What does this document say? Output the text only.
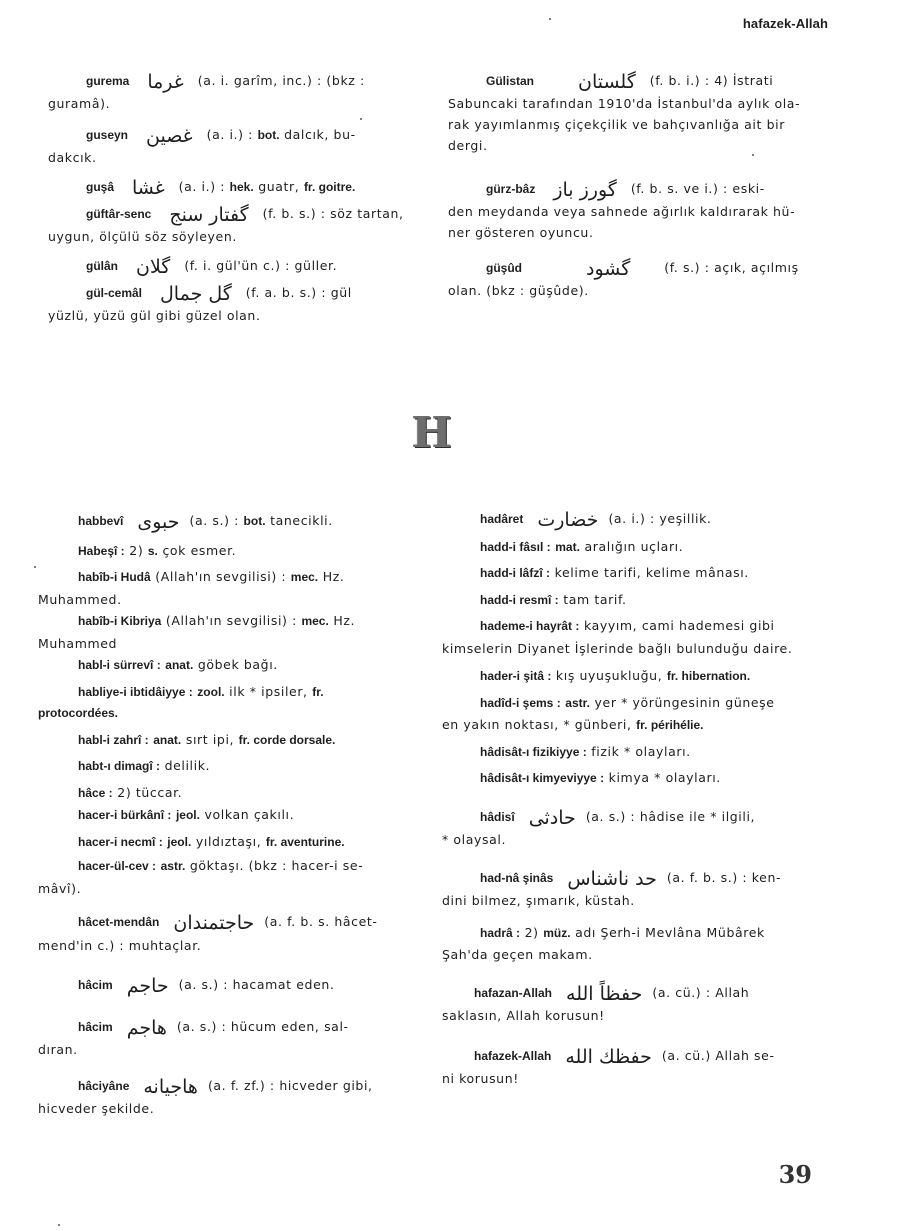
hafazek-Allah
gurema غرما (a. i. garîm, inc.) : (bkz :
guramâ).
guseyn غصين (a. i.) : bot. dalcık, bu-
dakcık.
guşâ غشا (a. i.) : hek. guatr, fr. goitre.
güftâr-senc گفتار سنج (f. b. s.) : söz tartan,
uygun, ölçülü söz söyleyen.
gülân گلان (f. i. gül'ün c.) : güller.
gül-cemâl گل جمال (f. a. b. s.) : gül
yüzlü, yüzü gül gibi güzel olan.
Gülistan گلستان (f. b. i.) : 4) İstrati
Sabuncaki tarafından 1910'da İstanbul'da aylık ola-
rak yayımlanmış çiçekçilik ve bahçıvanlığa ait bir
dergi.
gürz-bâz گورز باز (f. b. s. ve i.) : eski-
den meydanda veya sahnede ağırlık kaldırarak hü-
ner gösteren oyuncu.
güşûd	گشود	(f. s.) : açık, açılmış
olan. (bkz : güşûde).
H
habbevî حبوى (a. s.) : bot. tanecikli.
Habeşî : 2) s. çok esmer.
habîb-i Hudâ (Allah'ın sevgilisi) : mec. Hz.
Muhammed.
habîb-i Kibriya (Allah'ın sevgilisi) : mec. Hz.
Muhammed
habl-i sürrevî : anat. göbek bağı.
habliye-i ibtidâiyye : zool. ilk * ipsiler, fr.
protocordées.
habl-i zahrî : anat. sırt ipi, fr. corde dorsale.
habt-ı dimagî : delilik.
hâce : 2) tüccar.
hacer-i bürkânî : jeol. volkan çakılı.
hacer-i necmî : jeol. yıldıztaşı, fr. aventurine.
hacer-ül-cev : astr. göktaşı. (bkz : hacer-i se-
mâvî).
hâcet-mendân حاجتمندان (a. f. b. s. hâcet-
mend'in c.) : muhtaçlar.
hâcim حاجم (a. s.) : hacamat eden.
hâcim هاجم (a. s.) : hücum eden, sal-
dıran.
hâciyâne هاجيانه (a. f. zf.) : hicveder gibi,
hicveder şekilde.
hadâret خضارت (a. i.) : yeşillik.
hadd-i fâsıl : mat. aralığın uçları.
hadd-i lâfzî : kelime tarifi, kelime mânası.
hadd-i resmî : tam tarif.
hademe-i hayrât : kayyım, cami hademesi gibi
kimselerin Diyanet İşlerinde bağlı bulunduğu daire.
hader-i şitâ : kış uyuşukluğu, fr. hibernation.
hadîd-i şems : astr. yer * yörüngesinin güneşe
en yakın noktası, * günberi, fr. périhélie.
hâdisât-ı fizikiyye : fizik * olayları.
hâdisât-ı kimyeviyye : kimya * olayları.
hâdisî حادثى (a. s.) : hâdise ile * ilgili,
* olaysal.
had-nâ şinâs حد ناشناس (a. f. b. s.) : ken-
dini bilmez, şımarık, küstah.
hadrâ : 2) müz. adı Şerh-i Mevlâna Mübârek
Şah'da geçen makam.
hafazan-Allah حفظاً الله (a. cü.) : Allah
saklasın, Allah korusun!
hafazek-Allah حفظك الله (a. cü.) Allah se-
ni korusun!
39
